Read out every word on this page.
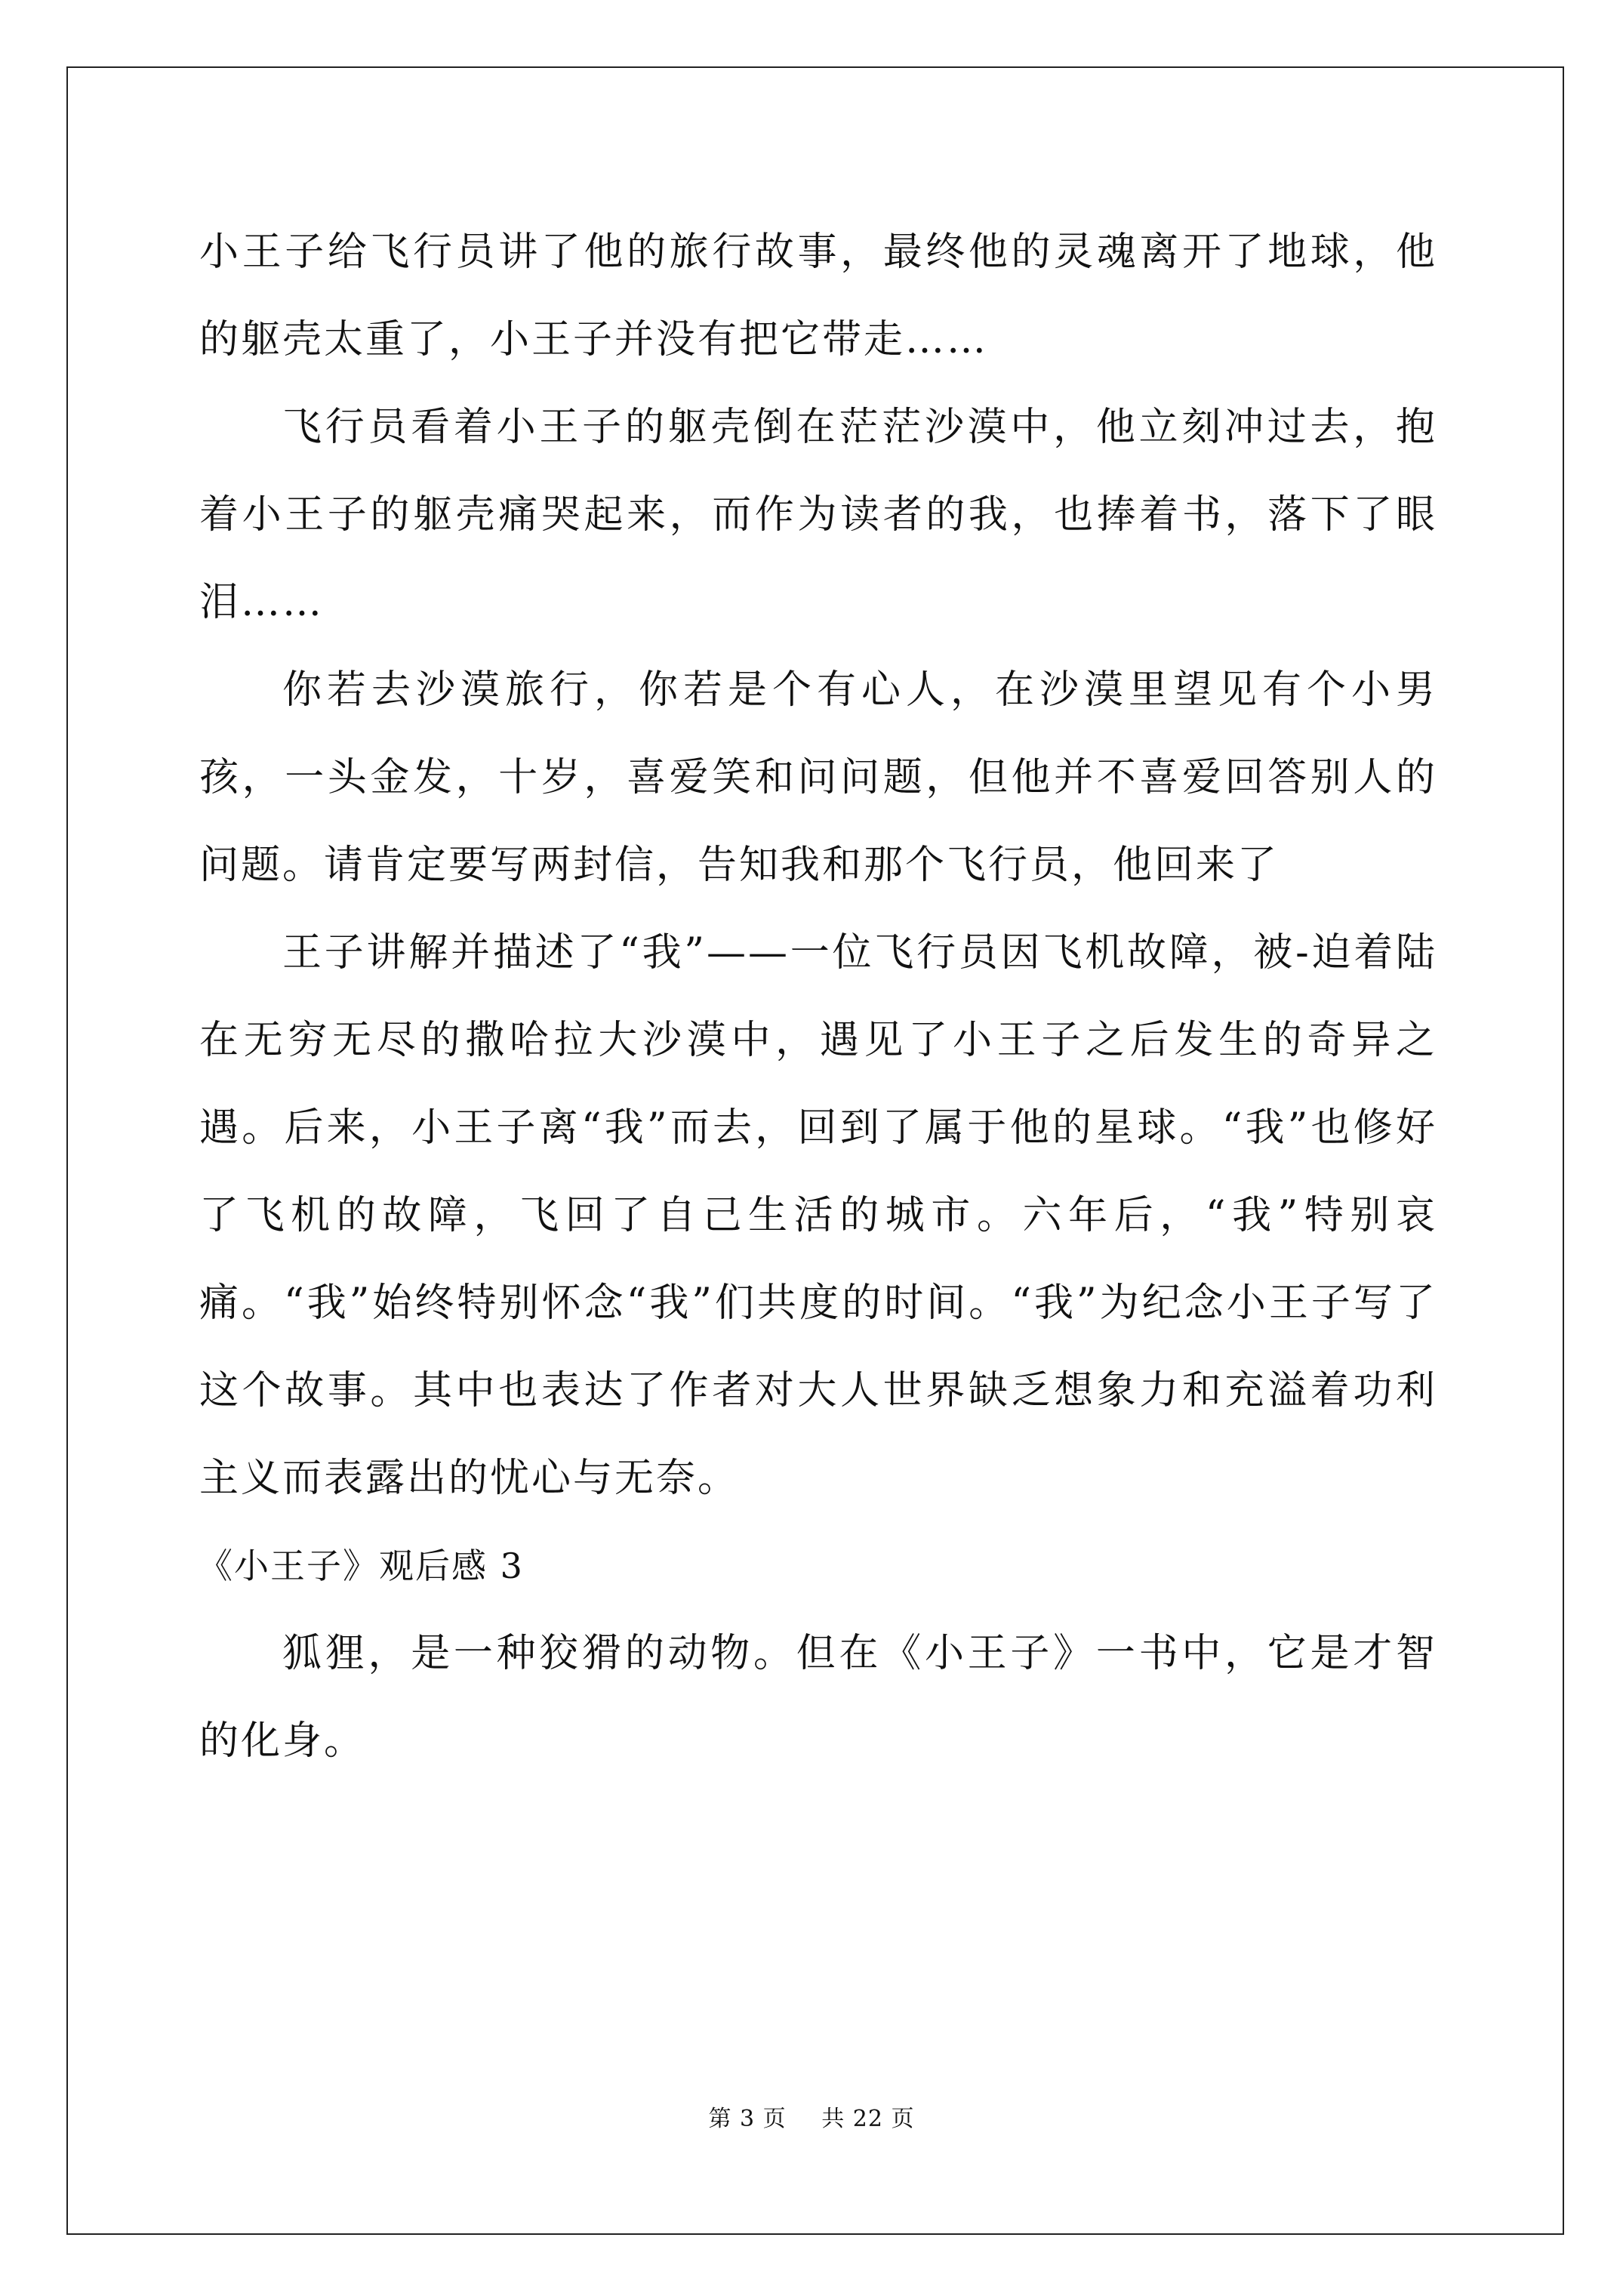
小王子给飞行员讲了他的旅行故事，最终他的灵魂离开了地球，他的躯壳太重了，小王子并没有把它带走……

飞行员看着小王子的躯壳倒在茫茫沙漠中，他立刻冲过去，抱着小王子的躯壳痛哭起来，而作为读者的我，也捧着书，落下了眼泪……

你若去沙漠旅行，你若是个有心人，在沙漠里望见有个小男孩，一头金发，十岁，喜爱笑和问问题，但他并不喜爱回答别人的问题。请肯定要写两封信，告知我和那个飞行员，他回来了

王子讲解并描述了“我”——一位飞行员因飞机故障，被-迫着陆在无穷无尽的撒哈拉大沙漠中，遇见了小王子之后发生的奇异之遇。后来，小王子离“我”而去，回到了属于他的星球。“我”也修好了飞机的故障，飞回了自己生活的城市。六年后，“我”特别哀痛。“我”始终特别怀念“我”们共度的时间。“我”为纪念小王子写了这个故事。其中也表达了作者对大人世界缺乏想象力和充溢着功利主义而表露出的忧心与无奈。

《小王子》观后感 3

狐狸，是一种狡猾的动物。但在《小王子》一书中，它是才智的化身。

第 3 页 共 22 页
